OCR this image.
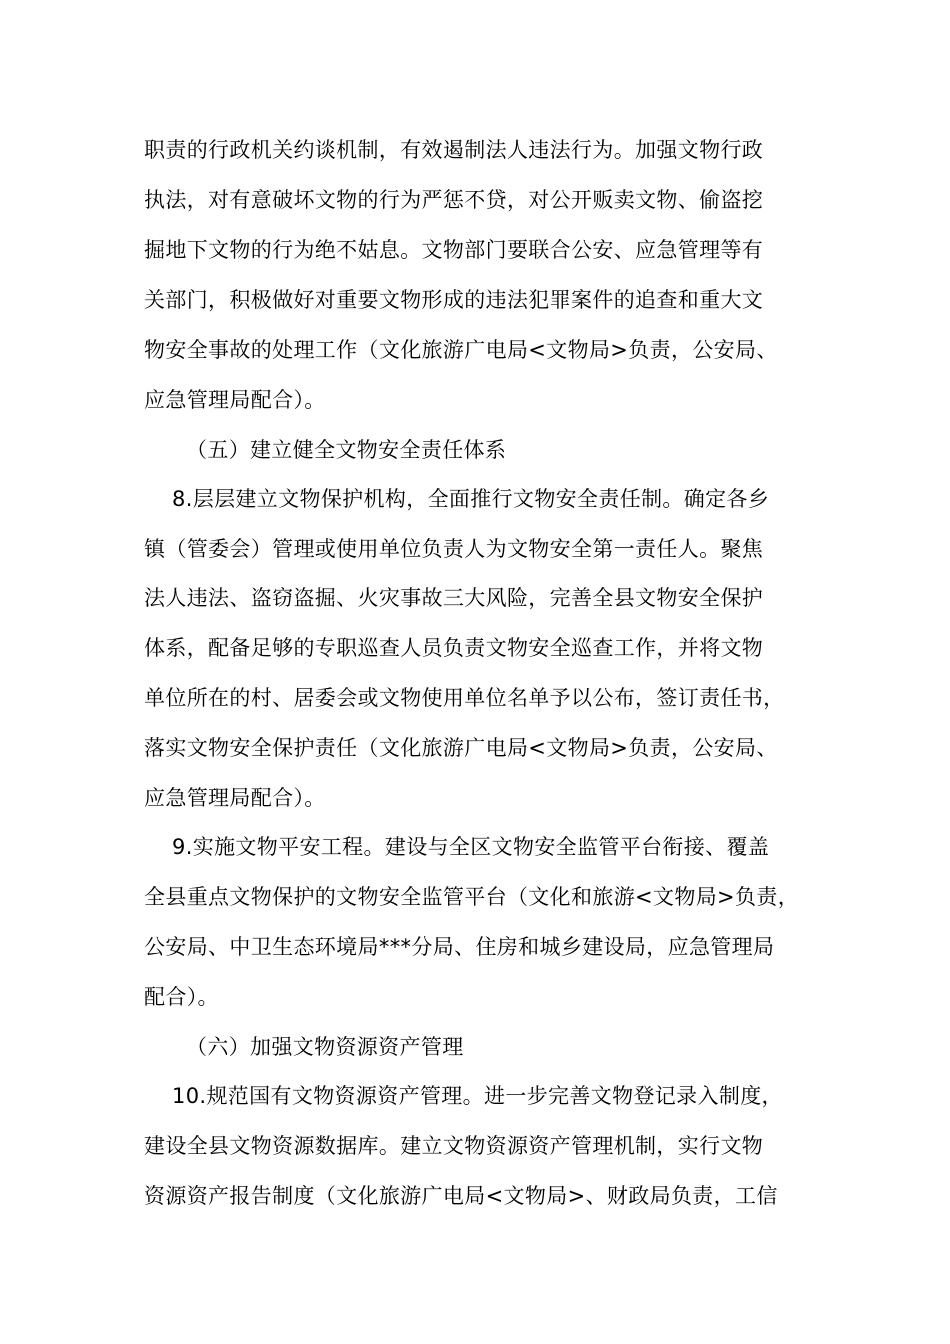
职责的行政机关约谈机制，有效遏制法人违法行为。加强文物行政
执法，对有意破坏文物的行为严惩不贷，对公开贩卖文物、偷盗挖
掘地下文物的行为绝不姑息。文物部门要联合公安、应急管理等有
关部门，积极做好对重要文物形成的违法犯罪案件的追查和重大文
物安全事故的处理工作（文化旅游广电局<文物局>负责，公安局、
应急管理局配合）。
（五）建立健全文物安全责任体系
8.层层建立文物保护机构，全面推行文物安全责任制。确定各乡
镇（管委会）管理或使用单位负责人为文物安全第一责任人。聚焦
法人违法、盗窃盗掘、火灾事故三大风险，完善全县文物安全保护
体系，配备足够的专职巡查人员负责文物安全巡查工作，并将文物
单位所在的村、居委会或文物使用单位名单予以公布，签订责任书，
落实文物安全保护责任（文化旅游广电局<文物局>负责，公安局、
应急管理局配合）。
9.实施文物平安工程。建设与全区文物安全监管平台衔接、覆盖
全县重点文物保护的文物安全监管平台（文化和旅游<文物局>负责，
公安局、中卫生态环境局***分局、住房和城乡建设局，应急管理局
配合）。
（六）加强文物资源资产管理
10.规范国有文物资源资产管理。进一步完善文物登记录入制度，
建设全县文物资源数据库。建立文物资源资产管理机制，实行文物
资源资产报告制度（文化旅游广电局<文物局>、财政局负责，工信
